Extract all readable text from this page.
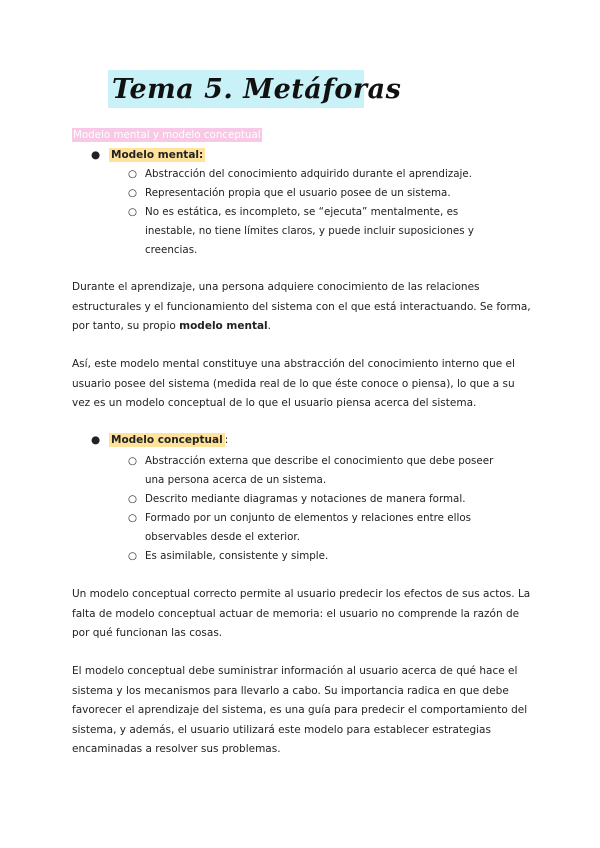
Tema 5. Metáforas
Modelo mental y modelo conceptual
● Modelo mental:
○ Abstracción del conocimiento adquirido durante el aprendizaje.
○ Representación propia que el usuario posee de un sistema.
○ No es estática, es incompleto, se “ejecuta” mentalmente, es inestable, no tiene límites claros, y puede incluir suposiciones y creencias.

Durante el aprendizaje, una persona adquiere conocimiento de las relaciones estructurales y el funcionamiento del sistema con el que está interactuando. Se forma, por tanto, su propio modelo mental.

Así, este modelo mental constituye una abstracción del conocimiento interno que el usuario posee del sistema (medida real de lo que éste conoce o piensa), lo que a su vez es un modelo conceptual de lo que el usuario piensa acerca del sistema.

● Modelo conceptual :
○ Abstracción externa que describe el conocimiento que debe poseer una persona acerca de un sistema.
○ Descrito mediante diagramas y notaciones de manera formal.
○ Formado por un conjunto de elementos y relaciones entre ellos observables desde el exterior.
○ Es asimilable, consistente y simple.

Un modelo conceptual correcto permite al usuario predecir los efectos de sus actos. La falta de modelo conceptual actuar de memoria: el usuario no comprende la razón de por qué funcionan las cosas.

El modelo conceptual debe suministrar información al usuario acerca de qué hace el sistema y los mecanismos para llevarlo a cabo. Su importancia radica en que debe favorecer el aprendizaje del sistema, es una guía para predecir el comportamiento del sistema, y además, el usuario utilizará este modelo para establecer estrategias encaminadas a resolver sus problemas.
